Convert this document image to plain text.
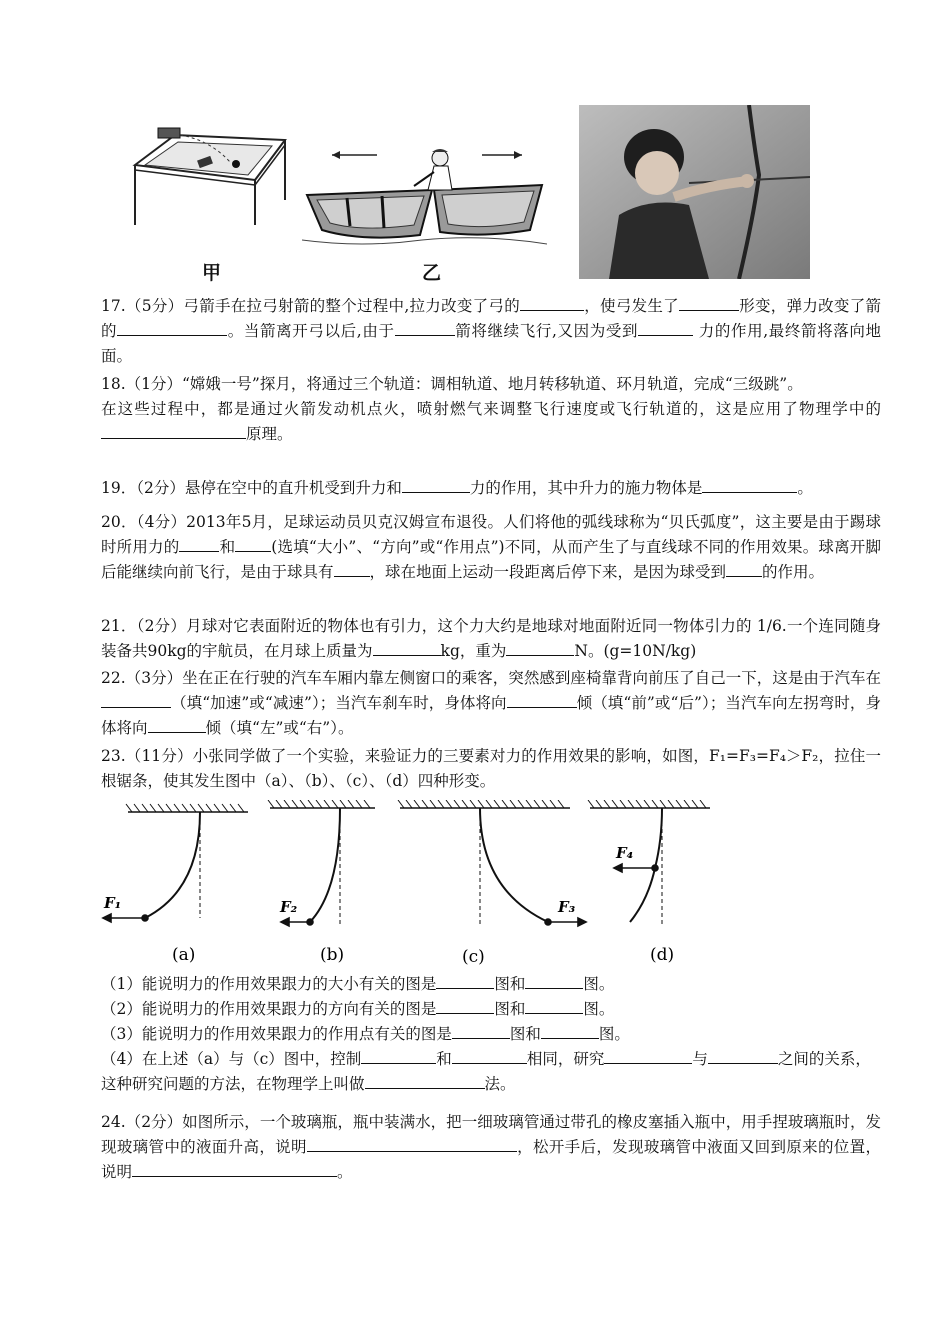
甲	乙

17.（5分）弓箭手在拉弓射箭的整个过程中,拉力改变了弓的	，使弓发生了	形变，弹力改变了箭的	。当箭离开弓以后,由于	箭将继续飞行,又因为受到	力的作用,最终箭将落向地面。

18.（1分）“嫦娥一号”探月，将通过三个轨道：调相轨道、地月转移轨道、环月轨道，完成“三级跳”。

在这些过程中，都是通过火箭发动机点火，喷射燃气来调整飞行速度或飞行轨道的，这是应用了物理学中的原理。

19．（2分）悬停在空中的直升机受到升力和	力的作用，其中升力的施力物体是	。

20．（4分）2013年5月，足球运动员贝克汉姆宣布退役。人们将他的弧线球称为“贝氏弧度”，这主要是由于踢球时所用力的	和 (选填“大小”、“方向”或“作用点”)不同，从而产生了与直线球不同的作用效果。球离开脚后能继续向前飞行，是由于球具有 ，球在地面上运动一段距离后停下来，是因为球受到 的作用。

21．（2分）月球对它表面附近的物体也有引力，这个力大约是地球对地面附近同一物体引力的 1/6.一个连同随身装备共90kg的宇航员，在月球上质量为	kg，重为	N。(g=10N/kg)

22.（3分）坐在正在行驶的汽车车厢内靠左侧窗口的乘客，突然感到座椅靠背向前压了自己一下，这是由于汽车在（填“加速”或“减速”）；当汽车刹车时，身体将向	倾（填“前”或“后”）；当汽车向左拐弯时，身体将向	倾（填“左”或“右”）。

23.（11分）小张同学做了一个实验，来验证力的三要素对力的作用效果的影响，如图，F₁=F₃=F₄＞F₂，拉住一根锯条，使其发生图中（a）、（b）、（c）、（d）四种形变。

F₁
(a)
F₂
(b)
F₃
(c)
F₄
(d)

（1）能说明力的作用效果跟力的大小有关的图是	图和	图。

（2）能说明力的作用效果跟力的方向有关的图是	图和	图。

（3）能说明力的作用效果跟力的作用点有关的图是	图和	图。

（4）在上述（a）与（c）图中，控制	和	相同，研究	与	之间的关系，这种研究问题的方法，在物理学上叫做	法。

24.（2分）如图所示，一个玻璃瓶，瓶中装满水，把一细玻璃管通过带孔的橡皮塞插入瓶中，用手捏玻璃瓶时，发现玻璃管中的液面升高，说明	，松开手后，发现玻璃管中液面又回到原来的位置，说明	。
